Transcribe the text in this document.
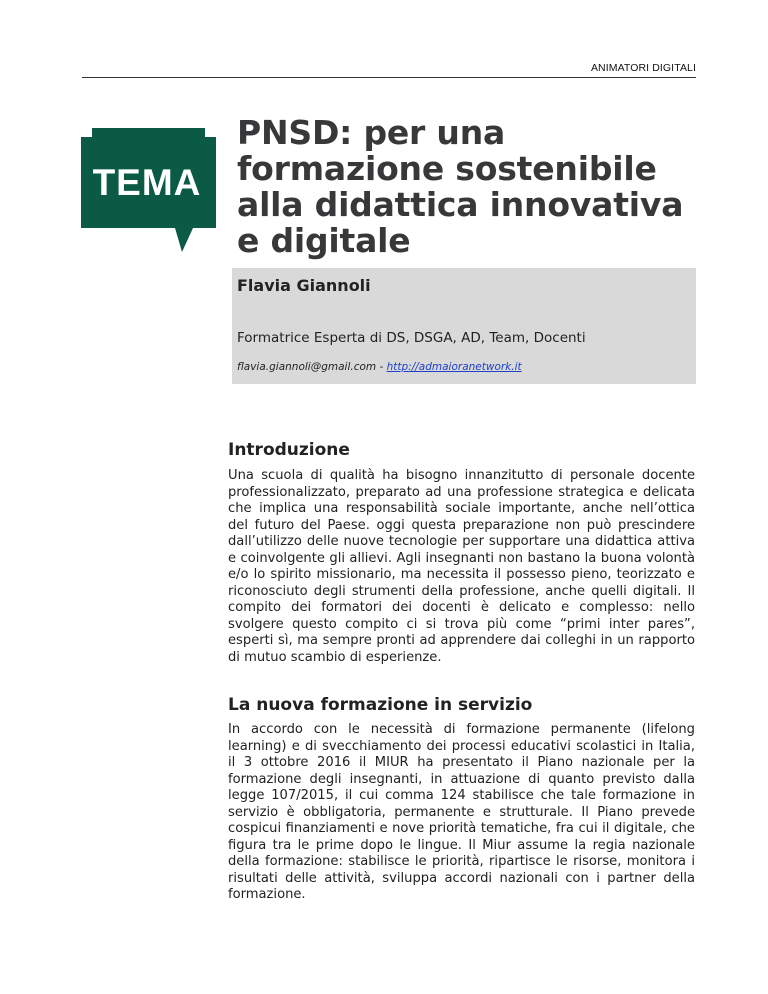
ANIMATORI DIGITALI
TEMA
PNSD: per una formazione sostenibile alla didattica innovativa e digitale
Flavia Giannoli
Formatrice Esperta di DS, DSGA, AD, Team, Docenti
flavia.giannoli@gmail.com - http://admaioranetwork.it
Introduzione

Una scuola di qualità ha bisogno innanzitutto di personale docente professionalizzato, preparato ad una professione strategica e delicata che implica una responsabilità sociale importante, anche nell’ottica del futuro del Paese. oggi questa preparazione non può prescindere dall’utilizzo delle nuove tecnologie per supportare una didattica attiva e coinvolgente gli allievi. Agli insegnanti non bastano la buona volontà e/o lo spirito missionario, ma necessita il possesso pieno, teorizzato e riconosciuto degli strumenti della professione, anche quelli digitali. Il compito dei formatori dei docenti è delicato e complesso: nello svolgere questo compito ci si trova più come “primi inter pares”, esperti sì, ma sempre pronti ad apprendere dai colleghi in un rapporto di mutuo scambio di esperienze.

La nuova formazione in servizio

In accordo con le necessità di formazione permanente (lifelong learning) e di svecchiamento dei processi educativi scolastici in Italia, il 3 ottobre 2016 il MIUR ha presentato il Piano nazionale per la formazione degli insegnanti, in attuazione di quanto previsto dalla legge 107/2015, il cui comma 124 stabilisce che tale formazione in servizio è obbligatoria, permanente e strutturale. Il Piano prevede cospicui finanziamenti e nove priorità tematiche, fra cui il digitale, che figura tra le prime dopo le lingue. Il Miur assume la regia nazionale della formazione: stabilisce le priorità, ripartisce le risorse, monitora i risultati delle attività, sviluppa accordi nazionali con i partner della formazione.
